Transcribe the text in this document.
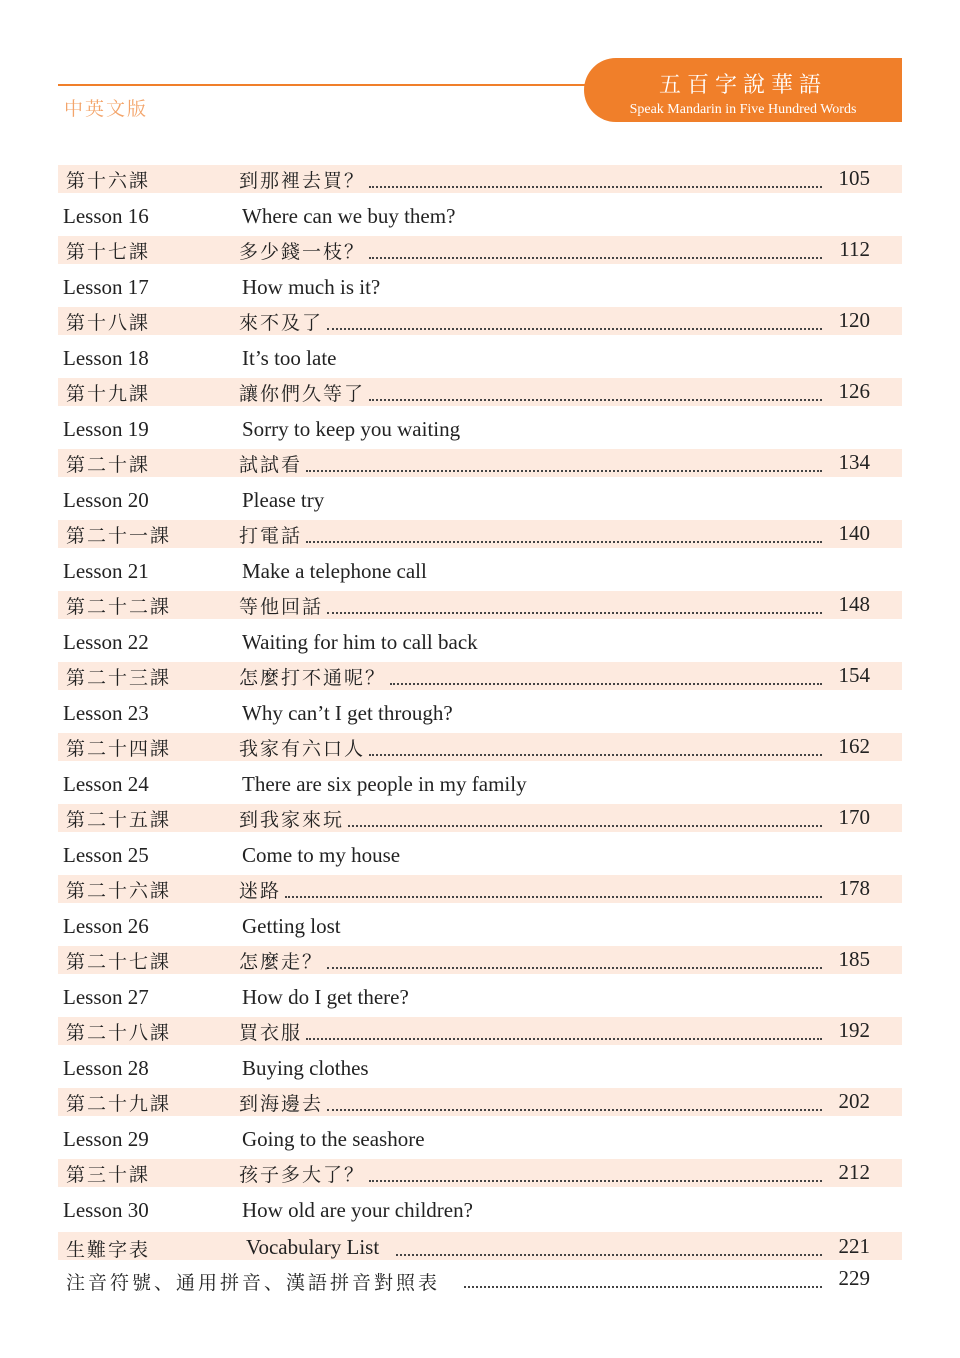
中英文版
五百字說華語
Speak Mandarin in Five Hundred Words
第十六課	到那裡去買？	105
Lesson 16	Where can we buy them?
第十七課	多少錢一枝？	112
Lesson 17	How much is it?
第十八課	來不及了	120
Lesson 18	It’s too late
第十九課	讓你們久等了	126
Lesson 19	Sorry to keep you waiting
第二十課	試試看	134
Lesson 20	Please try
第二十一課	打電話	140
Lesson 21	Make a telephone call
第二十二課	等他回話	148
Lesson 22	Waiting for him to call back
第二十三課	怎麼打不通呢？	154
Lesson 23	Why can’t I get through?
第二十四課	我家有六口人	162
Lesson 24	There are six people in my family
第二十五課	到我家來玩	170
Lesson 25	Come to my house
第二十六課	迷路	178
Lesson 26	Getting lost
第二十七課	怎麼走？	185
Lesson 27	How do I get there?
第二十八課	買衣服	192
Lesson 28	Buying clothes
第二十九課	到海邊去	202
Lesson 29	Going to the seashore
第三十課	孩子多大了？	212
Lesson 30	How old are your children?
生難字表	Vocabulary List	221
注音符號、通用拼音、漢語拼音對照表	229
